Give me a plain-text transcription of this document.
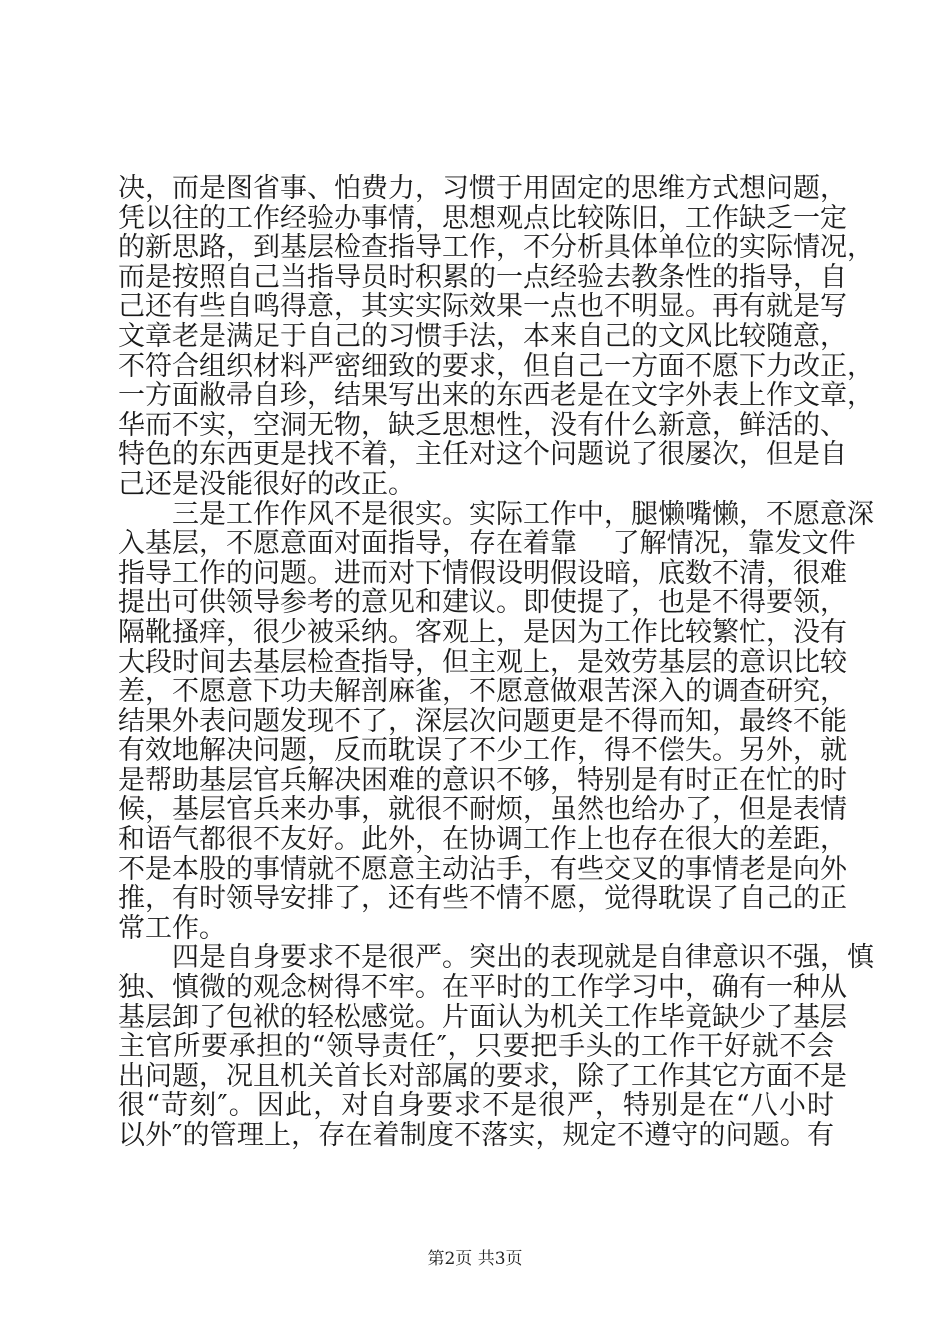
决，而是图省事、怕费力，习惯于用固定的思维方式想问题，
凭以往的工作经验办事情，思想观点比较陈旧，工作缺乏一定
的新思路，到基层检查指导工作，不分析具体单位的实际情况，
而是按照自己当指导员时积累的一点经验去教条性的指导，自
己还有些自鸣得意，其实实际效果一点也不明显。再有就是写
文章老是满足于自己的习惯手法，本来自己的文风比较随意，
不符合组织材料严密细致的要求，但自己一方面不愿下力改正，
一方面敝帚自珍，结果写出来的东西老是在文字外表上作文章，
华而不实，空洞无物，缺乏思想性，没有什么新意，鲜活的、
特色的东西更是找不着，主任对这个问题说了很屡次，但是自
己还是没能很好的改正。
三是工作作风不是很实。实际工作中，腿懒嘴懒，不愿意深
入基层，不愿意面对面指导，存在着靠　 了解情况，靠发文件
指导工作的问题。进而对下情假设明假设暗，底数不清，很难
提出可供领导参考的意见和建议。即使提了，也是不得要领，
隔靴搔痒，很少被采纳。客观上，是因为工作比较繁忙，没有
大段时间去基层检查指导，但主观上，是效劳基层的意识比较
差，不愿意下功夫解剖麻雀，不愿意做艰苦深入的调查研究，
结果外表问题发现不了，深层次问题更是不得而知，最终不能
有效地解决问题，反而耽误了不少工作，得不偿失。另外，就
是帮助基层官兵解决困难的意识不够，特别是有时正在忙的时
候，基层官兵来办事，就很不耐烦，虽然也给办了，但是表情
和语气都很不友好。此外，在协调工作上也存在很大的差距，
不是本股的事情就不愿意主动沾手，有些交叉的事情老是向外
推，有时领导安排了，还有些不情不愿，觉得耽误了自己的正
常工作。
四是自身要求不是很严。突出的表现就是自律意识不强，慎
独、慎微的观念树得不牢。在平时的工作学习中，确有一种从
基层卸了包袱的轻松感觉。片面认为机关工作毕竟缺少了基层
主官所要承担的“领导责任″，只要把手头的工作干好就不会
出问题，况且机关首长对部属的要求，除了工作其它方面不是
很“苛刻″。因此，对自身要求不是很严，特别是在“八小时
以外″的管理上，存在着制度不落实，规定不遵守的问题。有
第2页 共3页
